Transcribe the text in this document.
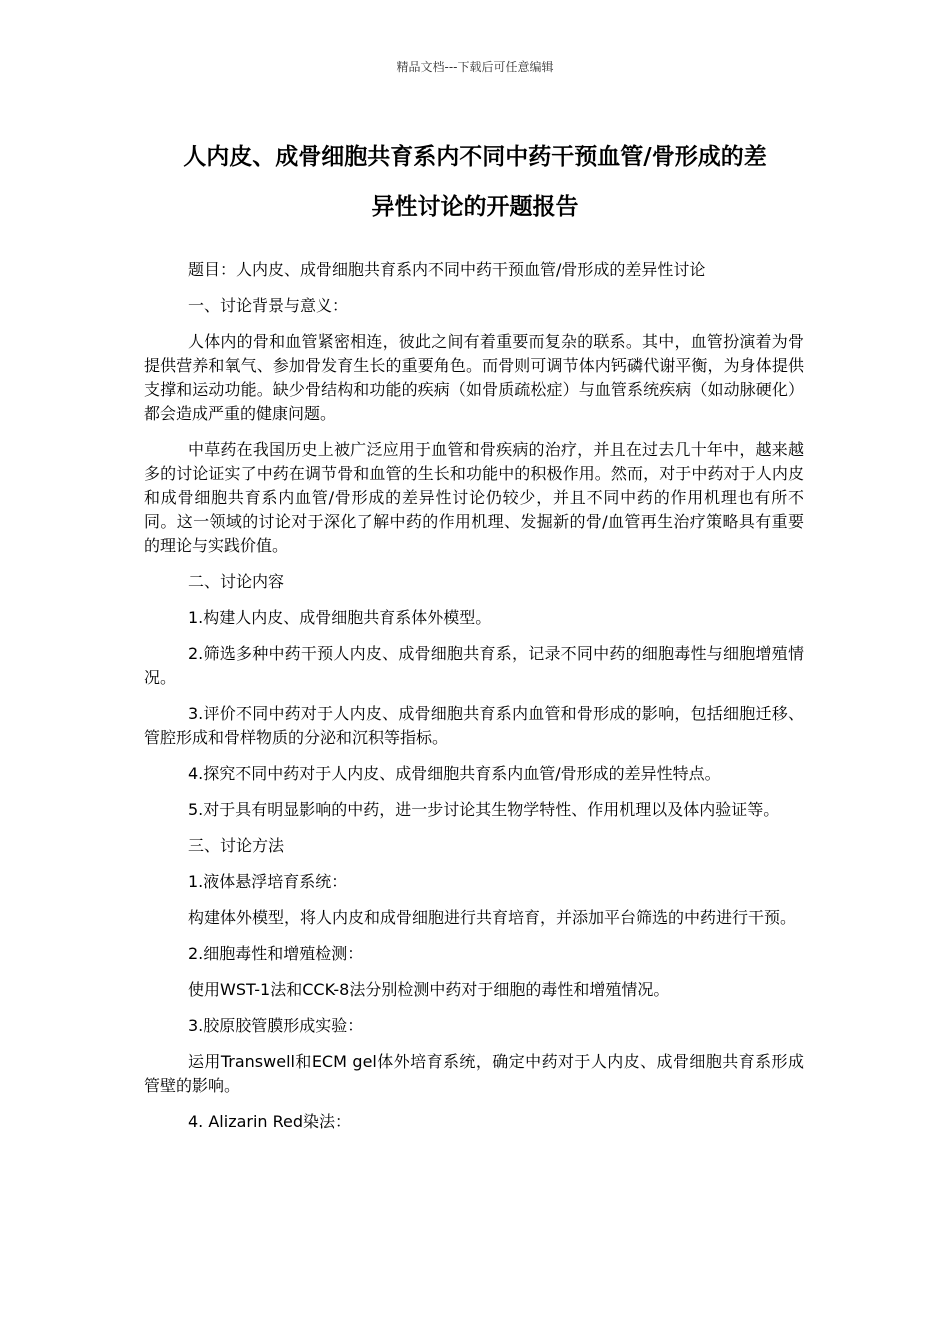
精品文档---下载后可任意编辑
人内皮、成骨细胞共育系内不同中药干预血管/骨形成的差
异性讨论的开题报告

题目：人内皮、成骨细胞共育系内不同中药干预血管/骨形成的差异性讨论

一、讨论背景与意义：

人体内的骨和血管紧密相连，彼此之间有着重要而复杂的联系。其中，血管扮演着为骨提供营养和氧气、参加骨发育生长的重要角色。而骨则可调节体内钙磷代谢平衡，为身体提供支撑和运动功能。缺少骨结构和功能的疾病（如骨质疏松症）与血管系统疾病（如动脉硬化）都会造成严重的健康问题。

中草药在我国历史上被广泛应用于血管和骨疾病的治疗，并且在过去几十年中，越来越多的讨论证实了中药在调节骨和血管的生长和功能中的积极作用。然而，对于中药对于人内皮和成骨细胞共育系内血管/骨形成的差异性讨论仍较少，并且不同中药的作用机理也有所不同。这一领域的讨论对于深化了解中药的作用机理、发掘新的骨/血管再生治疗策略具有重要的理论与实践价值。

二、讨论内容

1.构建人内皮、成骨细胞共育系体外模型。

2.筛选多种中药干预人内皮、成骨细胞共育系，记录不同中药的细胞毒性与细胞增殖情况。

3.评价不同中药对于人内皮、成骨细胞共育系内血管和骨形成的影响，包括细胞迁移、管腔形成和骨样物质的分泌和沉积等指标。

4.探究不同中药对于人内皮、成骨细胞共育系内血管/骨形成的差异性特点。

5.对于具有明显影响的中药，进一步讨论其生物学特性、作用机理以及体内验证等。

三、讨论方法

1.液体悬浮培育系统：

构建体外模型，将人内皮和成骨细胞进行共育培育，并添加平台筛选的中药进行干预。

2.细胞毒性和增殖检测：

使用WST-1法和CCK-8法分别检测中药对于细胞的毒性和增殖情况。

3.胶原胶管膜形成实验：

运用Transwell和ECM gel体外培育系统，确定中药对于人内皮、成骨细胞共育系形成管壁的影响。

4. Alizarin Red染法：
